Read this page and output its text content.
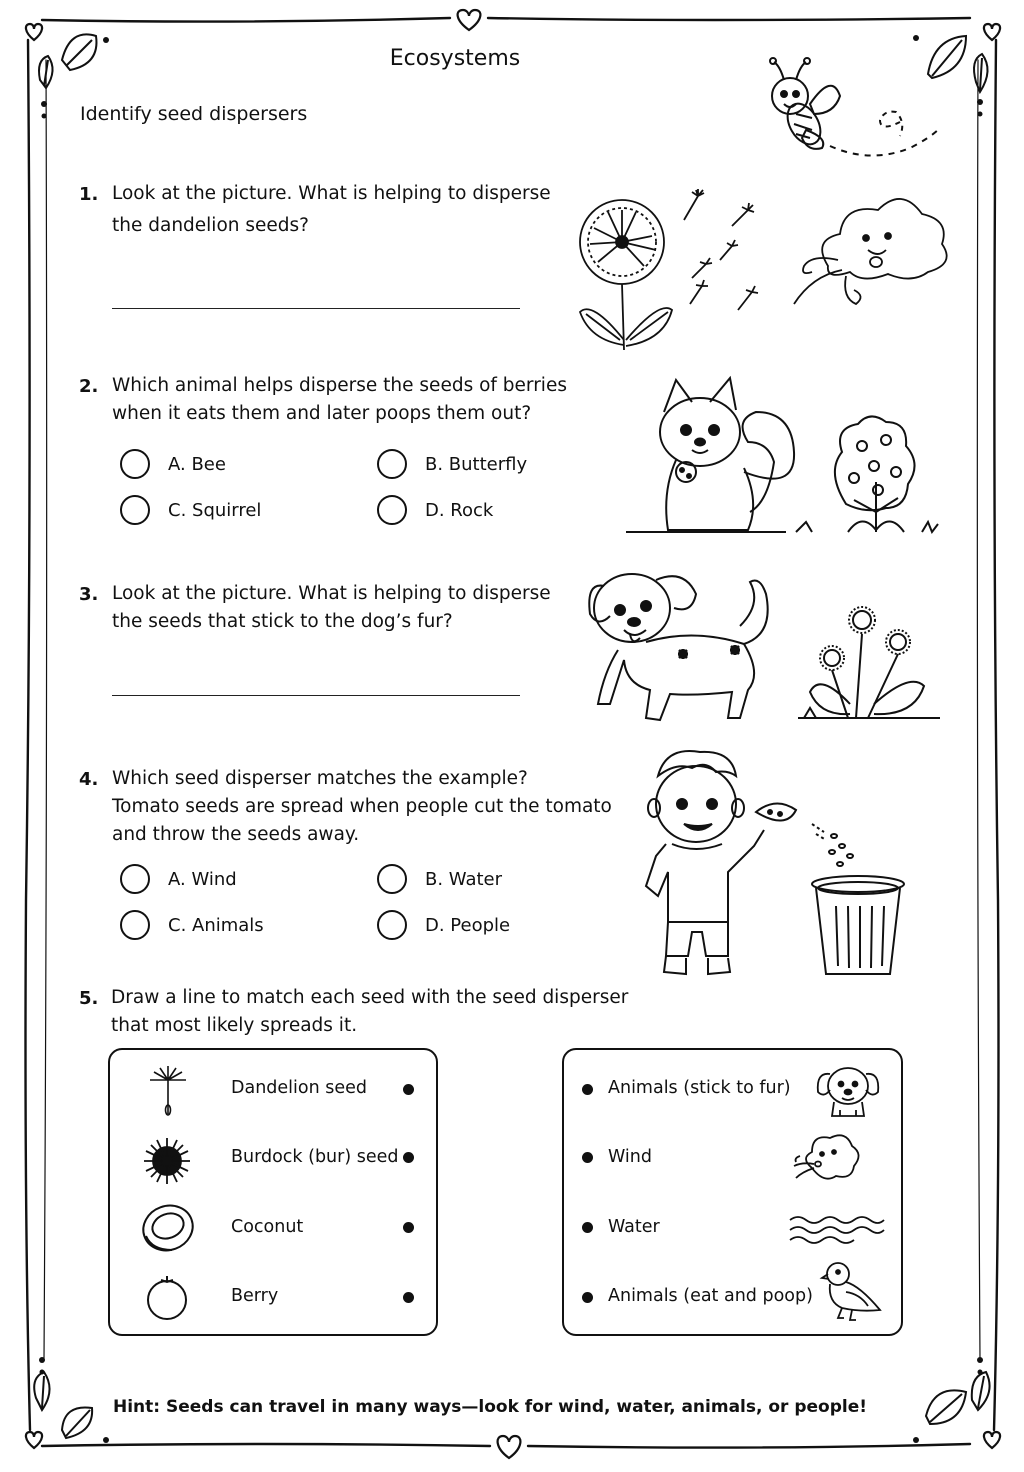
Ecosystems
Identify seed dispersers
1. Look at the picture. What is helping to disperse
the dandelion seeds?
2. Which animal helps disperse the seeds of berries
when it eats them and later poops them out?
A. Bee	B. Butterfly
C. Squirrel	D. Rock
3. Look at the picture. What is helping to disperse
the seeds that stick to the dog’s fur?
4. Which seed disperser matches the example?
Tomato seeds are spread when people cut the tomato
and throw the seeds away.
A. Wind	B. Water
C. Animals	D. People
5. Draw a line to match each seed with the seed disperser
that most likely spreads it.
Dandelion seed
Burdock (bur) seed
Coconut
Berry
Animals (stick to fur)
Wind
Water
Animals (eat and poop)
Hint: Seeds can travel in many ways—look for wind, water, animals, or people!
